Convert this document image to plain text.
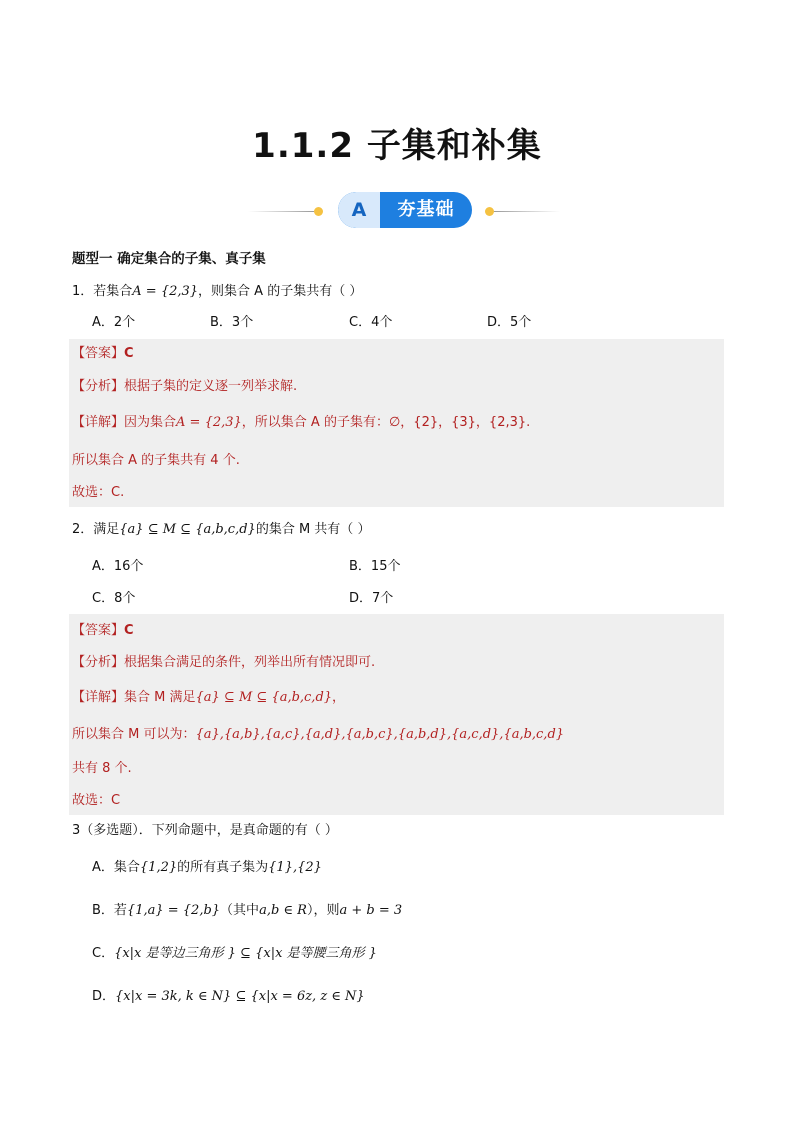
1.1.2 子集和补集
A	夯基础
题型一 确定集合的子集、真子集
1．若集合A = {2,3}，则集合 A 的子集共有（ ）
A．2个	B．3个	C．4个	D．5个
【答案】C
【分析】根据子集的定义逐一列举求解.
【详解】因为集合A = {2,3}，所以集合 A 的子集有：∅，{2}，{3}，{2,3}.
所以集合 A 的子集共有 4 个.
故选：C.
2．满足{a} ⊆ M ⊆ {a,b,c,d}的集合 M 共有（ ）
A．16个	B．15个
C．8个	D．7个
【答案】C
【分析】根据集合满足的条件，列举出所有情况即可.
【详解】集合 M 满足{a} ⊆ M ⊆ {a,b,c,d}，
所以集合 M 可以为：{a},{a,b},{a,c},{a,d},{a,b,c},{a,b,d},{a,c,d},{a,b,c,d}
共有 8 个.
故选：C
3（多选题）．下列命题中，是真命题的有（ ）
A．集合{1,2}的所有真子集为{1},{2}
B．若{1,a} = {2,b}（其中a,b ∈ R），则a + b = 3
C．{x|x 是等边三角形 } ⊆ {x|x 是等腰三角形 }
D．{x|x = 3k, k ∈ N} ⊆ {x|x = 6z, z ∈ N}
